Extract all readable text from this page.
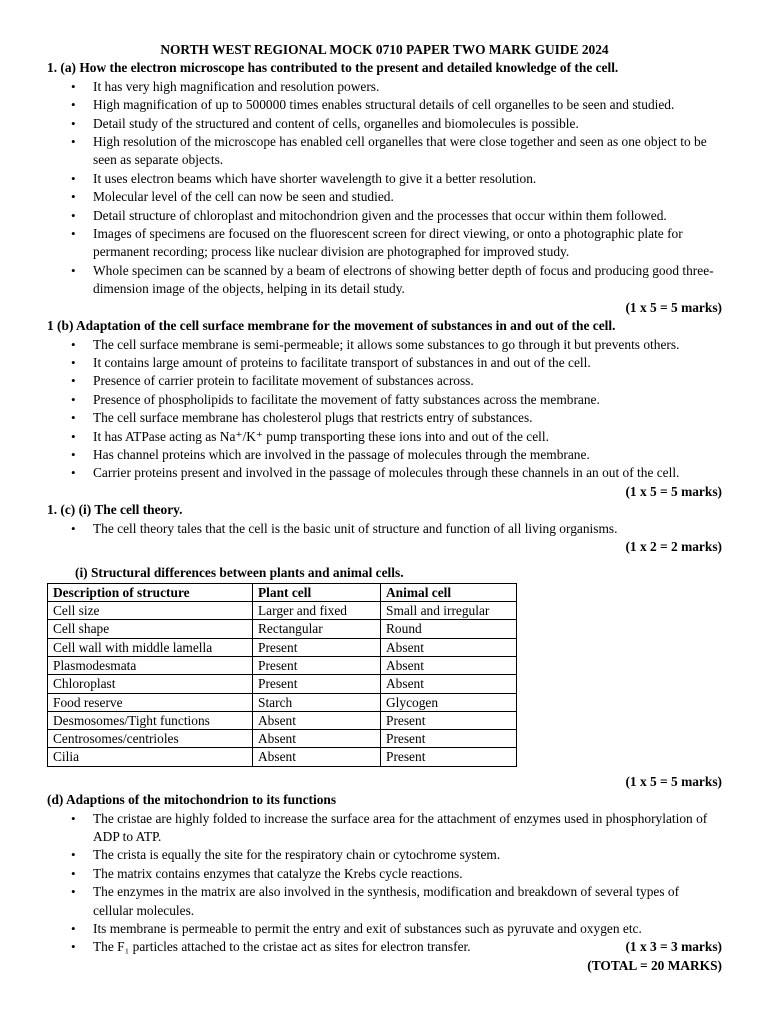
NORTH WEST REGIONAL MOCK 0710 PAPER TWO MARK GUIDE 2024

1. (a) How the electron microscope has contributed to the present and detailed knowledge of the cell.

• It has very high magnification and resolution powers.
• High magnification of up to 500000 times enables structural details of cell organelles to be seen and studied.
• Detail study of the structured and content of cells, organelles and biomolecules is possible.
• High resolution of the microscope has enabled cell organelles that were close together and seen as one object to be seen as separate objects.
• It uses electron beams which have shorter wavelength to give it a better resolution.
• Molecular level of the cell can now be seen and studied.
• Detail structure of chloroplast and mitochondrion given and the processes that occur within them followed.
• Images of specimens are focused on the fluorescent screen for direct viewing, or onto a photographic plate for permanent recording; process like nuclear division are photographed for improved study.
• Whole specimen can be scanned by a beam of electrons of showing better depth of focus and producing good three-dimension image of the objects, helping in its detail study.

(1 x 5 = 5 marks)

1 (b) Adaptation of the cell surface membrane for the movement of substances in and out of the cell.

• The cell surface membrane is semi-permeable; it allows some substances to go through it but prevents others.
• It contains large amount of proteins to facilitate transport of substances in and out of the cell.
• Presence of carrier protein to facilitate movement of substances across.
• Presence of phospholipids to facilitate the movement of fatty substances across the membrane.
• The cell surface membrane has cholesterol plugs that restricts entry of substances.
• It has ATPase acting as Na⁺/K⁺ pump transporting these ions into and out of the cell.
• Has channel proteins which are involved in the passage of molecules through the membrane.
• Carrier proteins present and involved in the passage of molecules through these channels in an out of the cell.

(1 x 5 = 5 marks)

1. (c) (i) The cell theory.

• The cell theory tales that the cell is the basic unit of structure and function of all living organisms.

(1 x 2 = 2 marks)

(i) Structural differences between plants and animal cells.

Description of structure	Plant cell	Animal cell
Cell size	Larger and fixed	Small and irregular
Cell shape	Rectangular	Round
Cell wall with middle lamella	Present	Absent
Plasmodesmata	Present	Absent
Chloroplast	Present	Absent
Food reserve	Starch	Glycogen
Desmosomes/Tight functions	Absent	Present
Centrosomes/centrioles	Absent	Present
Cilia	Absent	Present

(1 x 5 = 5 marks)

(d) Adaptions of the mitochondrion to its functions

• The cristae are highly folded to increase the surface area for the attachment of enzymes used in phosphorylation of ADP to ATP.
• The crista is equally the site for the respiratory chain or cytochrome system.
• The matrix contains enzymes that catalyze the Krebs cycle reactions.
• The enzymes in the matrix are also involved in the synthesis, modification and breakdown of several types of cellular molecules.
• Its membrane is permeable to permit the entry and exit of substances such as pyruvate and oxygen etc.
• The F₁ particles attached to the cristae act as sites for electron transfer.	(1 x 3 = 3 marks)

(TOTAL = 20 MARKS)
